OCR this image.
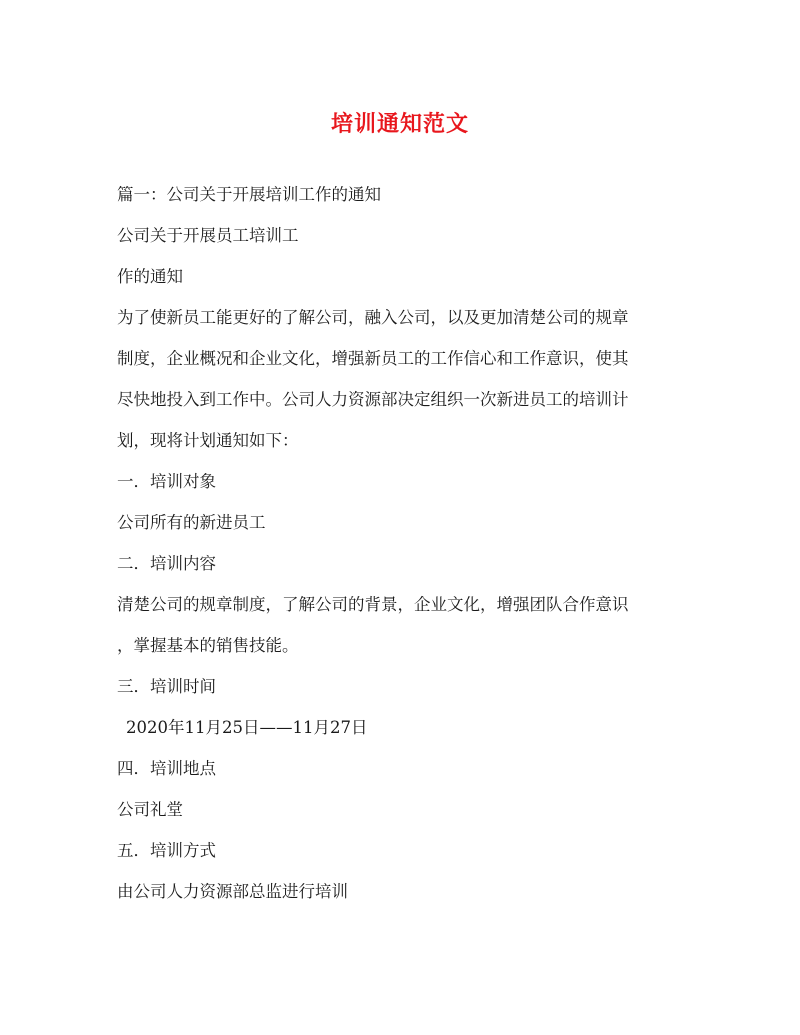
培训通知范文

篇一：公司关于开展培训工作的通知

公司关于开展员工培训工

作的通知

为了使新员工能更好的了解公司，融入公司，以及更加清楚公司的规章

制度，企业概况和企业文化，增强新员工的工作信心和工作意识，使其

尽快地投入到工作中。公司人力资源部决定组织一次新进员工的培训计

划，现将计划通知如下：

一．培训对象

公司所有的新进员工

二．培训内容

清楚公司的规章制度，了解公司的背景，企业文化，增强团队合作意识

，掌握基本的销售技能。

三．培训时间

2020年11月25日——11月27日

四．培训地点

公司礼堂

五．培训方式

由公司人力资源部总监进行培训
